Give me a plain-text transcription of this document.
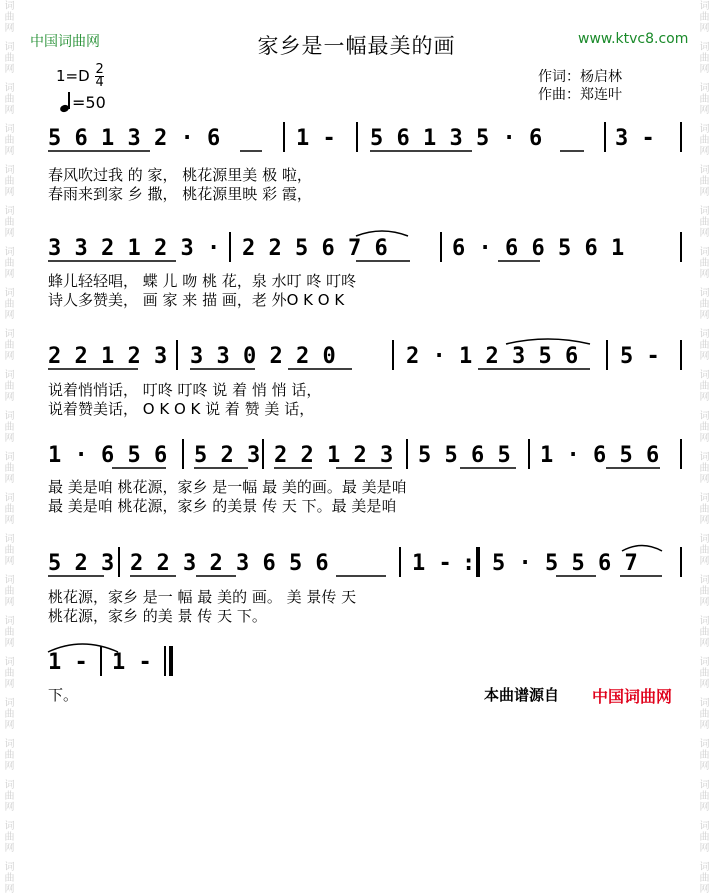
词曲网
词曲网
词曲网
词曲网
词曲网
词曲网
词曲网
词曲网
词曲网
词曲网
词曲网
词曲网
词曲网
词曲网
词曲网
词曲网
词曲网
词曲网
词曲网
词曲网
词曲网
词曲网
词曲网
词曲网
词曲网
词曲网
词曲网
词曲网
词曲网
词曲网
词曲网
词曲网
词曲网
词曲网
词曲网
词曲网
词曲网
词曲网
词曲网
词曲网
词曲网
词曲网
词曲网
词曲网
中国词曲网	www.ktvc8.com
家乡是一幅最美的画
$1=D \frac{2}{4}$
=50
作词：杨启林
作曲：郑连叶
5 6 1 3 2 · 6	1 - 5 6 1 3 5 · 6	3 -
春风吹过我 的 家， 桃花源里美 极 啦，
春雨来到家 乡 撒， 桃花源里映 彩 霞，
3 3 2 1 2 3 · 2 2 5 6 7 6	6 · 6 6 5 6 1
蜂儿轻轻唱， 蝶 儿 吻 桃 花，泉 水叮 咚 叮咚
诗人多赞美， 画 家 来 描 画，老 外O K O K
2 2 1 2 3 3 3 0 2 2 0	2 · 1 2 3 5 6 5 -
说着悄悄话， 叮咚 叮咚 说 着 悄 悄 话，
说着赞美话， O K O K 说 着 赞 美 话，
1 · 6 5 6 5 2 3 2 2 1 2 3 5 5 6 5 1 · 6 5 6
最 美是咱 桃花源，家乡 是一幅 最 美的画。最 美是咱
最 美是咱 桃花源，家乡 的美景 传 天 下。最 美是咱
5 2 3 2 2 3 2 3 6 5 6	1 - : 5 · 5 5 6 7
桃花源，家乡 是一 幅 最 美的 画。 美 景传 天
桃花源，家乡 的美 景 传 天 下。
1 - 1 -
下。	本曲谱源自 中国词曲网
